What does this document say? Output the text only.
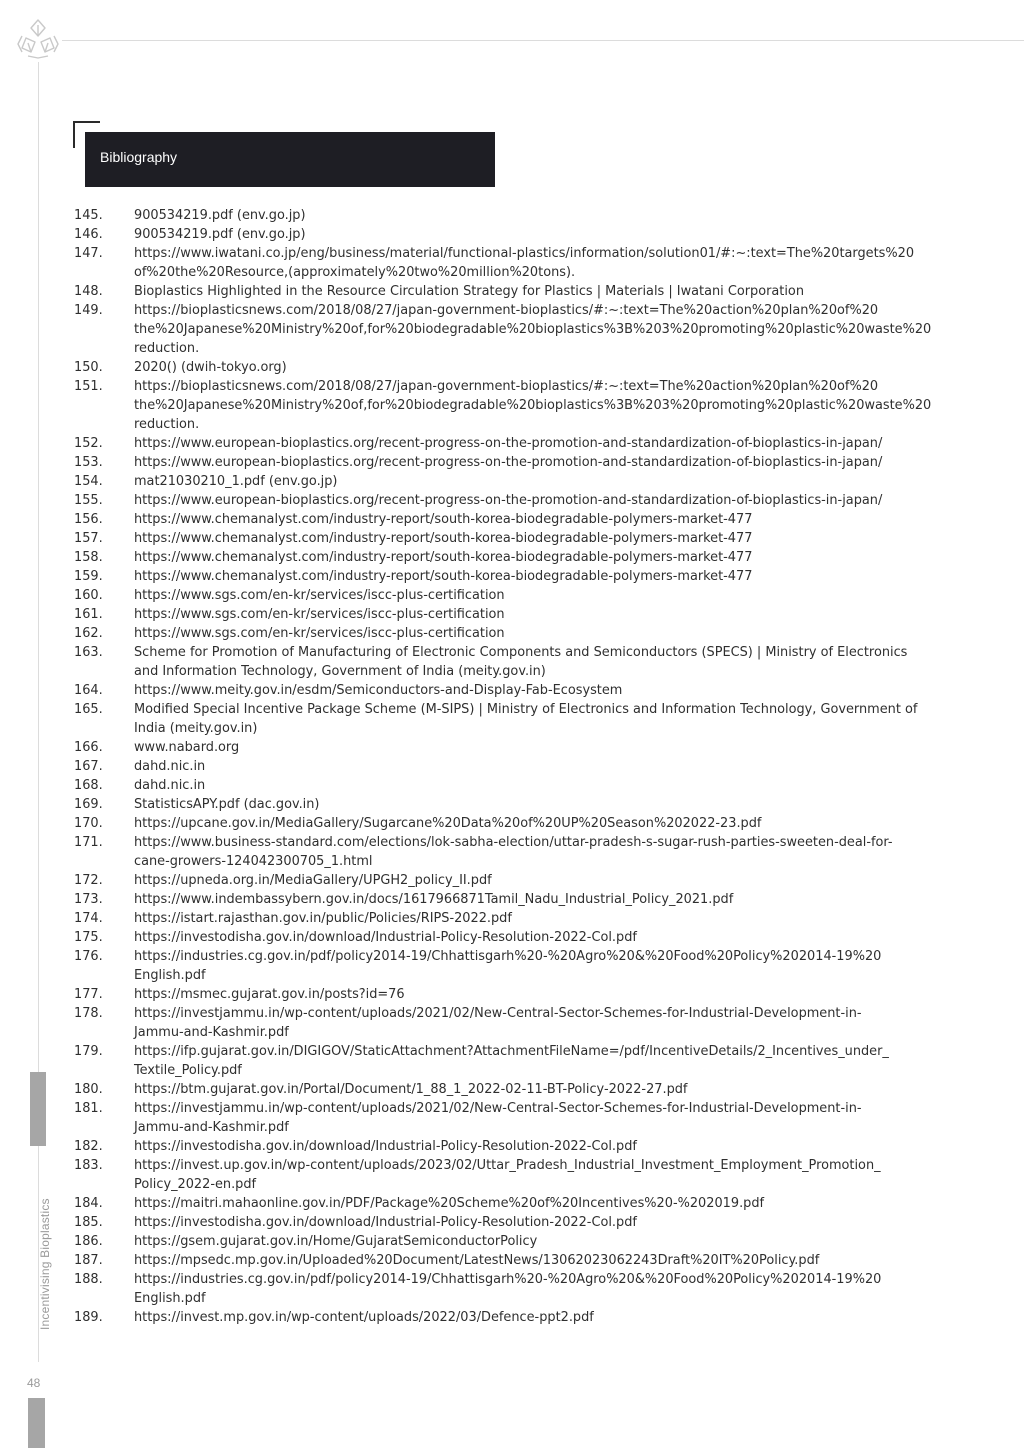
Incentivising Bioplastics
48
Bibliography
145.	900534219.pdf (env.go.jp)
146.	900534219.pdf (env.go.jp)
147.	https://www.iwatani.co.jp/eng/business/material/functional-plastics/information/solution01/#:~:text=The%20targets%20
of%20the%20Resource,(approximately%20two%20million%20tons).
148.	Bioplastics Highlighted in the Resource Circulation Strategy for Plastics | Materials | Iwatani Corporation
149.	https://bioplasticsnews.com/2018/08/27/japan-government-bioplastics/#:~:text=The%20action%20plan%20of%20
the%20Japanese%20Ministry%20of,for%20biodegradable%20bioplastics%3B%203%20promoting%20plastic%20waste%20
reduction.
150.	2020() (dwih-tokyo.org)
151.	https://bioplasticsnews.com/2018/08/27/japan-government-bioplastics/#:~:text=The%20action%20plan%20of%20
the%20Japanese%20Ministry%20of,for%20biodegradable%20bioplastics%3B%203%20promoting%20plastic%20waste%20
reduction.
152.	https://www.european-bioplastics.org/recent-progress-on-the-promotion-and-standardization-of-bioplastics-in-japan/
153.	https://www.european-bioplastics.org/recent-progress-on-the-promotion-and-standardization-of-bioplastics-in-japan/
154.	mat21030210_1.pdf (env.go.jp)
155.	https://www.european-bioplastics.org/recent-progress-on-the-promotion-and-standardization-of-bioplastics-in-japan/
156.	https://www.chemanalyst.com/industry-report/south-korea-biodegradable-polymers-market-477
157.	https://www.chemanalyst.com/industry-report/south-korea-biodegradable-polymers-market-477
158.	https://www.chemanalyst.com/industry-report/south-korea-biodegradable-polymers-market-477
159.	https://www.chemanalyst.com/industry-report/south-korea-biodegradable-polymers-market-477
160.	https://www.sgs.com/en-kr/services/iscc-plus-certification
161.	https://www.sgs.com/en-kr/services/iscc-plus-certification
162.	https://www.sgs.com/en-kr/services/iscc-plus-certification
163.	Scheme for Promotion of Manufacturing of Electronic Components and Semiconductors (SPECS) | Ministry of Electronics
and Information Technology, Government of India (meity.gov.in)
164.	https://www.meity.gov.in/esdm/Semiconductors-and-Display-Fab-Ecosystem
165.	Modified Special Incentive Package Scheme (M-SIPS) | Ministry of Electronics and Information Technology, Government of
India (meity.gov.in)
166.	www.nabard.org
167.	dahd.nic.in
168.	dahd.nic.in
169.	StatisticsAPY.pdf (dac.gov.in)
170.	https://upcane.gov.in/MediaGallery/Sugarcane%20Data%20of%20UP%20Season%202022-23.pdf
171.	https://www.business-standard.com/elections/lok-sabha-election/uttar-pradesh-s-sugar-rush-parties-sweeten-deal-for-
cane-growers-124042300705_1.html
172.	https://upneda.org.in/MediaGallery/UPGH2_policy_II.pdf
173.	https://www.indembassybern.gov.in/docs/1617966871Tamil_Nadu_Industrial_Policy_2021.pdf
174.	https://istart.rajasthan.gov.in/public/Policies/RIPS-2022.pdf
175.	https://investodisha.gov.in/download/Industrial-Policy-Resolution-2022-Col.pdf
176.	https://industries.cg.gov.in/pdf/policy2014-19/Chhattisgarh%20-%20Agro%20&%20Food%20Policy%202014-19%20
English.pdf
177.	https://msmec.gujarat.gov.in/posts?id=76
178.	https://investjammu.in/wp-content/uploads/2021/02/New-Central-Sector-Schemes-for-Industrial-Development-in-
Jammu-and-Kashmir.pdf
179.	https://ifp.gujarat.gov.in/DIGIGOV/StaticAttachment?AttachmentFileName=/pdf/IncentiveDetails/2_Incentives_under_
Textile_Policy.pdf
180.	https://btm.gujarat.gov.in/Portal/Document/1_88_1_2022-02-11-BT-Policy-2022-27.pdf
181.	https://investjammu.in/wp-content/uploads/2021/02/New-Central-Sector-Schemes-for-Industrial-Development-in-
Jammu-and-Kashmir.pdf
182.	https://investodisha.gov.in/download/Industrial-Policy-Resolution-2022-Col.pdf
183.	https://invest.up.gov.in/wp-content/uploads/2023/02/Uttar_Pradesh_Industrial_Investment_Employment_Promotion_
Policy_2022-en.pdf
184.	https://maitri.mahaonline.gov.in/PDF/Package%20Scheme%20of%20Incentives%20-%202019.pdf
185.	https://investodisha.gov.in/download/Industrial-Policy-Resolution-2022-Col.pdf
186.	https://gsem.gujarat.gov.in/Home/GujaratSemiconductorPolicy
187.	https://mpsedc.mp.gov.in/Uploaded%20Document/LatestNews/13062023062243Draft%20IT%20Policy.pdf
188.	https://industries.cg.gov.in/pdf/policy2014-19/Chhattisgarh%20-%20Agro%20&%20Food%20Policy%202014-19%20
English.pdf
189.	https://invest.mp.gov.in/wp-content/uploads/2022/03/Defence-ppt2.pdf
